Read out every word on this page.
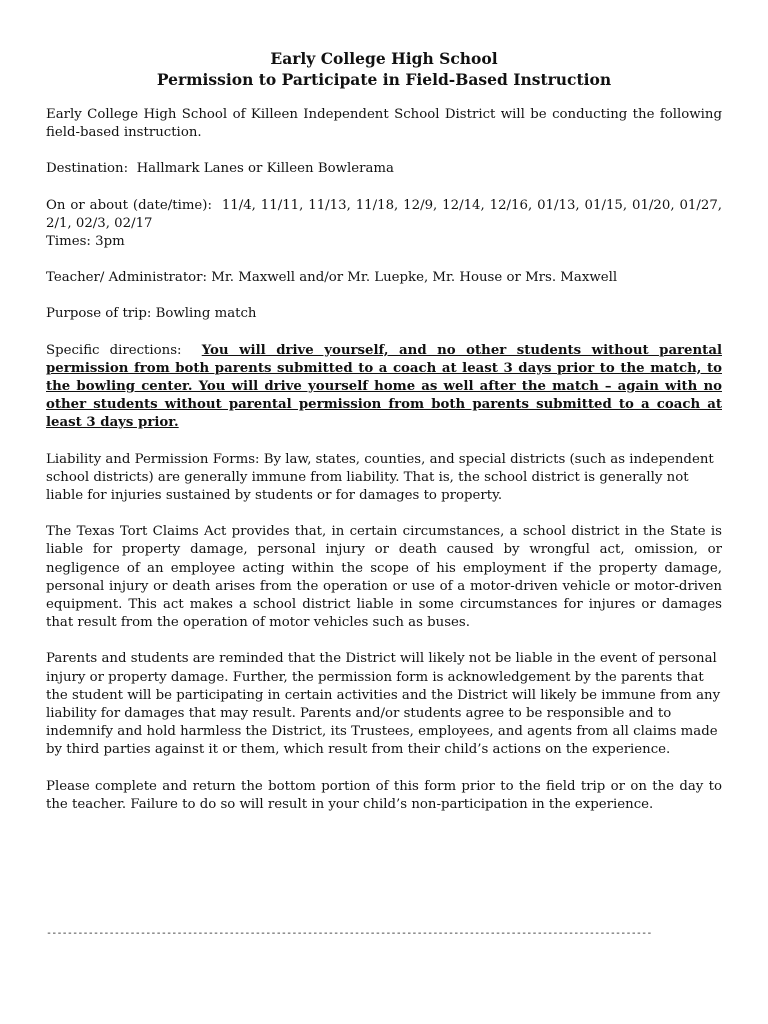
Early College High School

Permission to Participate in Field-Based Instruction

Early College High School of Killeen Independent School District will be conducting the following field-based instruction.

Destination: Hallmark Lanes or Killeen Bowlerama

On or about (date/time): 11/4, 11/11, 11/13, 11/18, 12/9, 12/14, 12/16, 01/13, 01/15, 01/20, 01/27, 2/1, 02/3, 02/17
Times: 3pm

Teacher/ Administrator: Mr. Maxwell and/or Mr. Luepke, Mr. House or Mrs. Maxwell

Purpose of trip: Bowling match

Specific directions: You will drive yourself, and no other students without parental permission from both parents submitted to a coach at least 3 days prior to the match, to the bowling center. You will drive yourself home as well after the match – again with no other students without parental permission from both parents submitted to a coach at least 3 days prior.

Liability and Permission Forms: By law, states, counties, and special districts (such as independent school districts) are generally immune from liability. That is, the school district is generally not liable for injuries sustained by students or for damages to property.

The Texas Tort Claims Act provides that, in certain circumstances, a school district in the State is liable for property damage, personal injury or death caused by wrongful act, omission, or negligence of an employee acting within the scope of his employment if the property damage, personal injury or death arises from the operation or use of a motor-driven vehicle or motor-driven equipment. This act makes a school district liable in some circumstances for injures or damages that result from the operation of motor vehicles such as buses.

Parents and students are reminded that the District will likely not be liable in the event of personal injury or property damage. Further, the permission form is acknowledgement by the parents that the student will be participating in certain activities and the District will likely be immune from any liability for damages that may result. Parents and/or students agree to be responsible and to indemnify and hold harmless the District, its Trustees, employees, and agents from all claims made by third parties against it or them, which result from their child’s actions on the experience.

Please complete and return the bottom portion of this form prior to the field trip or on the day to the teacher. Failure to do so will result in your child’s non-participation in the experience.

--------------------------------------------------------------------------------------------------------------------
